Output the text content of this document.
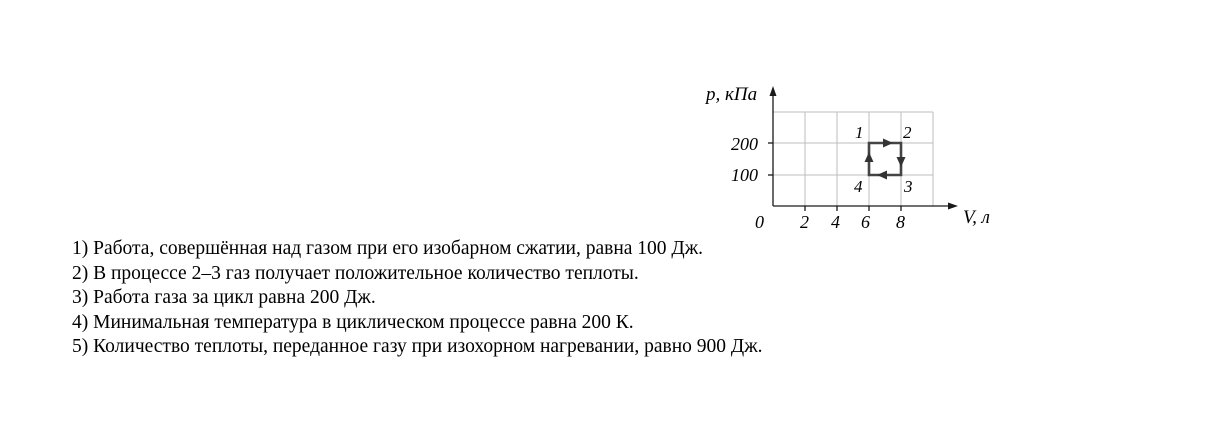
p, кПа
V, л
0 2 4 6 8
100
200
1 2
3
4
1) Работа, совершённая над газом при его изобарном сжатии, равна 100 Дж.
2) В процессе 2–3 газ получает положительное количество теплоты.
3) Работа газа за цикл равна 200 Дж.
4) Минимальная температура в циклическом процессе равна 200 К.
5) Количество теплоты, переданное газу при изохорном нагревании, равно 900 Дж.
